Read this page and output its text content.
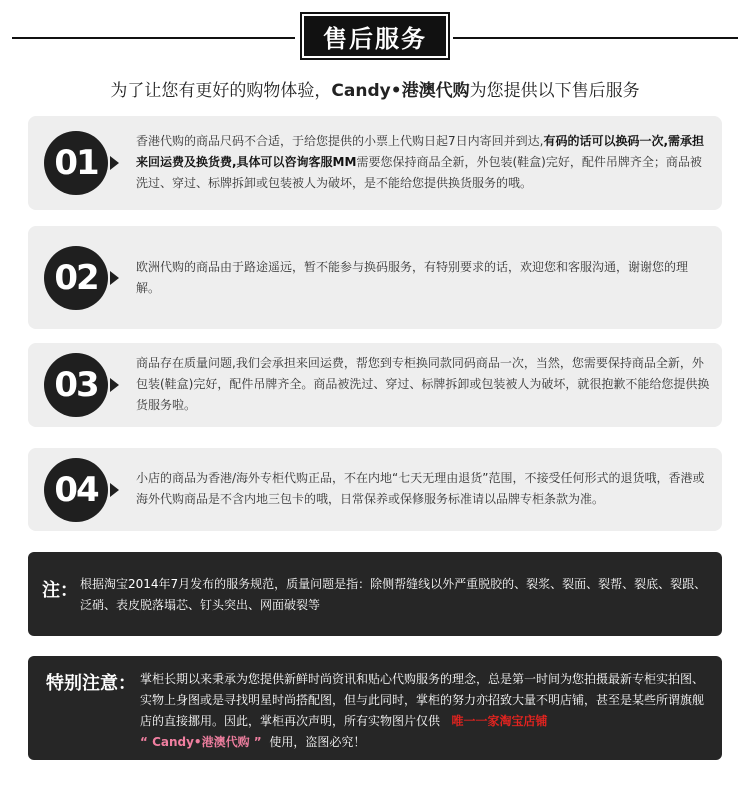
售后服务
为了让您有更好的购物体验，Candy•港澳代购为您提供以下售后服务
01
香港代购的商品尺码不合适，于给您提供的小票上代购日起7日内寄回并到达,有码的话可以换码一次,需承担来回运费及换货费,具体可以咨询客服MM需要您保持商品全新，外包装(鞋盒)完好，配件吊牌齐全；商品被洗过、穿过、标牌拆卸或包装被人为破坏，是不能给您提供换货服务的哦。
02	欧洲代购的商品由于路途遥远，暂不能参与换码服务，有特别要求的话，欢迎您和客服沟通，谢谢您的理解。
03
商品存在质量问题,我们会承担来回运费，帮您到专柜换同款同码商品一次，当然，您需要保持商品全新，外包装(鞋盒)完好，配件吊牌齐全。商品被洗过、穿过、标牌拆卸或包装被人为破坏，就很抱歉不能给您提供换货服务啦。
04	小店的商品为香港/海外专柜代购正品，不在内地“七天无理由退货”范围，不接受任何形式的退货哦，香港或海外代购商品是不含内地三包卡的哦，日常保养或保修服务标准请以品牌专柜条款为准。
注： 根据淘宝2014年7月发布的服务规范，质量问题是指：除侧帮缝线以外严重脱胶的、裂浆、裂面、裂帮、裂底、裂跟、泛硝、表皮脱落塌芯、钉头突出、网面破裂等
特别注意： 掌柜长期以来秉承为您提供新鲜时尚资讯和贴心代购服务的理念，总是第一时间为您拍摄最新专柜实拍图、实物上身图或是寻找明星时尚搭配图，但与此同时，掌柜的努力亦招致大量不明店铺，甚至是某些所谓旗舰店的直接挪用。因此，掌柜再次声明，所有实物图片仅供 唯一一家淘宝店铺
“ Candy•港澳代购 ” 使用，盗图必究！
